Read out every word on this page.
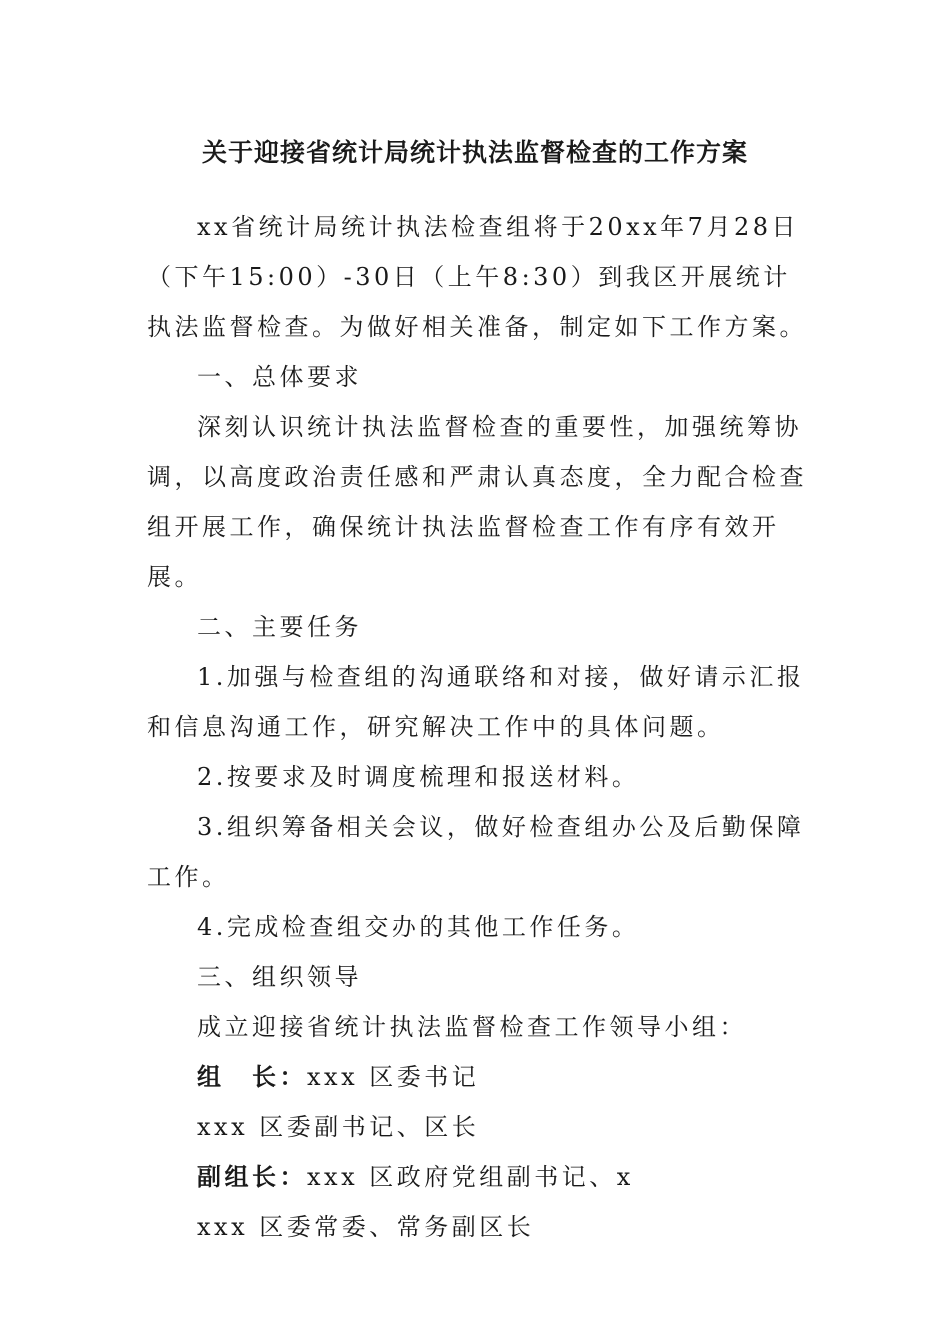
关于迎接省统计局统计执法监督检查的工作方案

xx省统计局统计执法检查组将于20xx年7月28日（下午15:00）-30日（上午8:30）到我区开展统计执法监督检查。为做好相关准备，制定如下工作方案。

一、总体要求

深刻认识统计执法监督检查的重要性，加强统筹协调，以高度政治责任感和严肃认真态度，全力配合检查组开展工作，确保统计执法监督检查工作有序有效开展。

二、主要任务

1.加强与检查组的沟通联络和对接，做好请示汇报和信息沟通工作，研究解决工作中的具体问题。

2.按要求及时调度梳理和报送材料。

3.组织筹备相关会议，做好检查组办公及后勤保障工作。

4.完成检查组交办的其他工作任务。

三、组织领导

成立迎接省统计执法监督检查工作领导小组：

组　长：xxx 区委书记
xxx 区委副书记、区长
副组长：xxx 区政府党组副书记、x
xxx 区委常委、常务副区长
